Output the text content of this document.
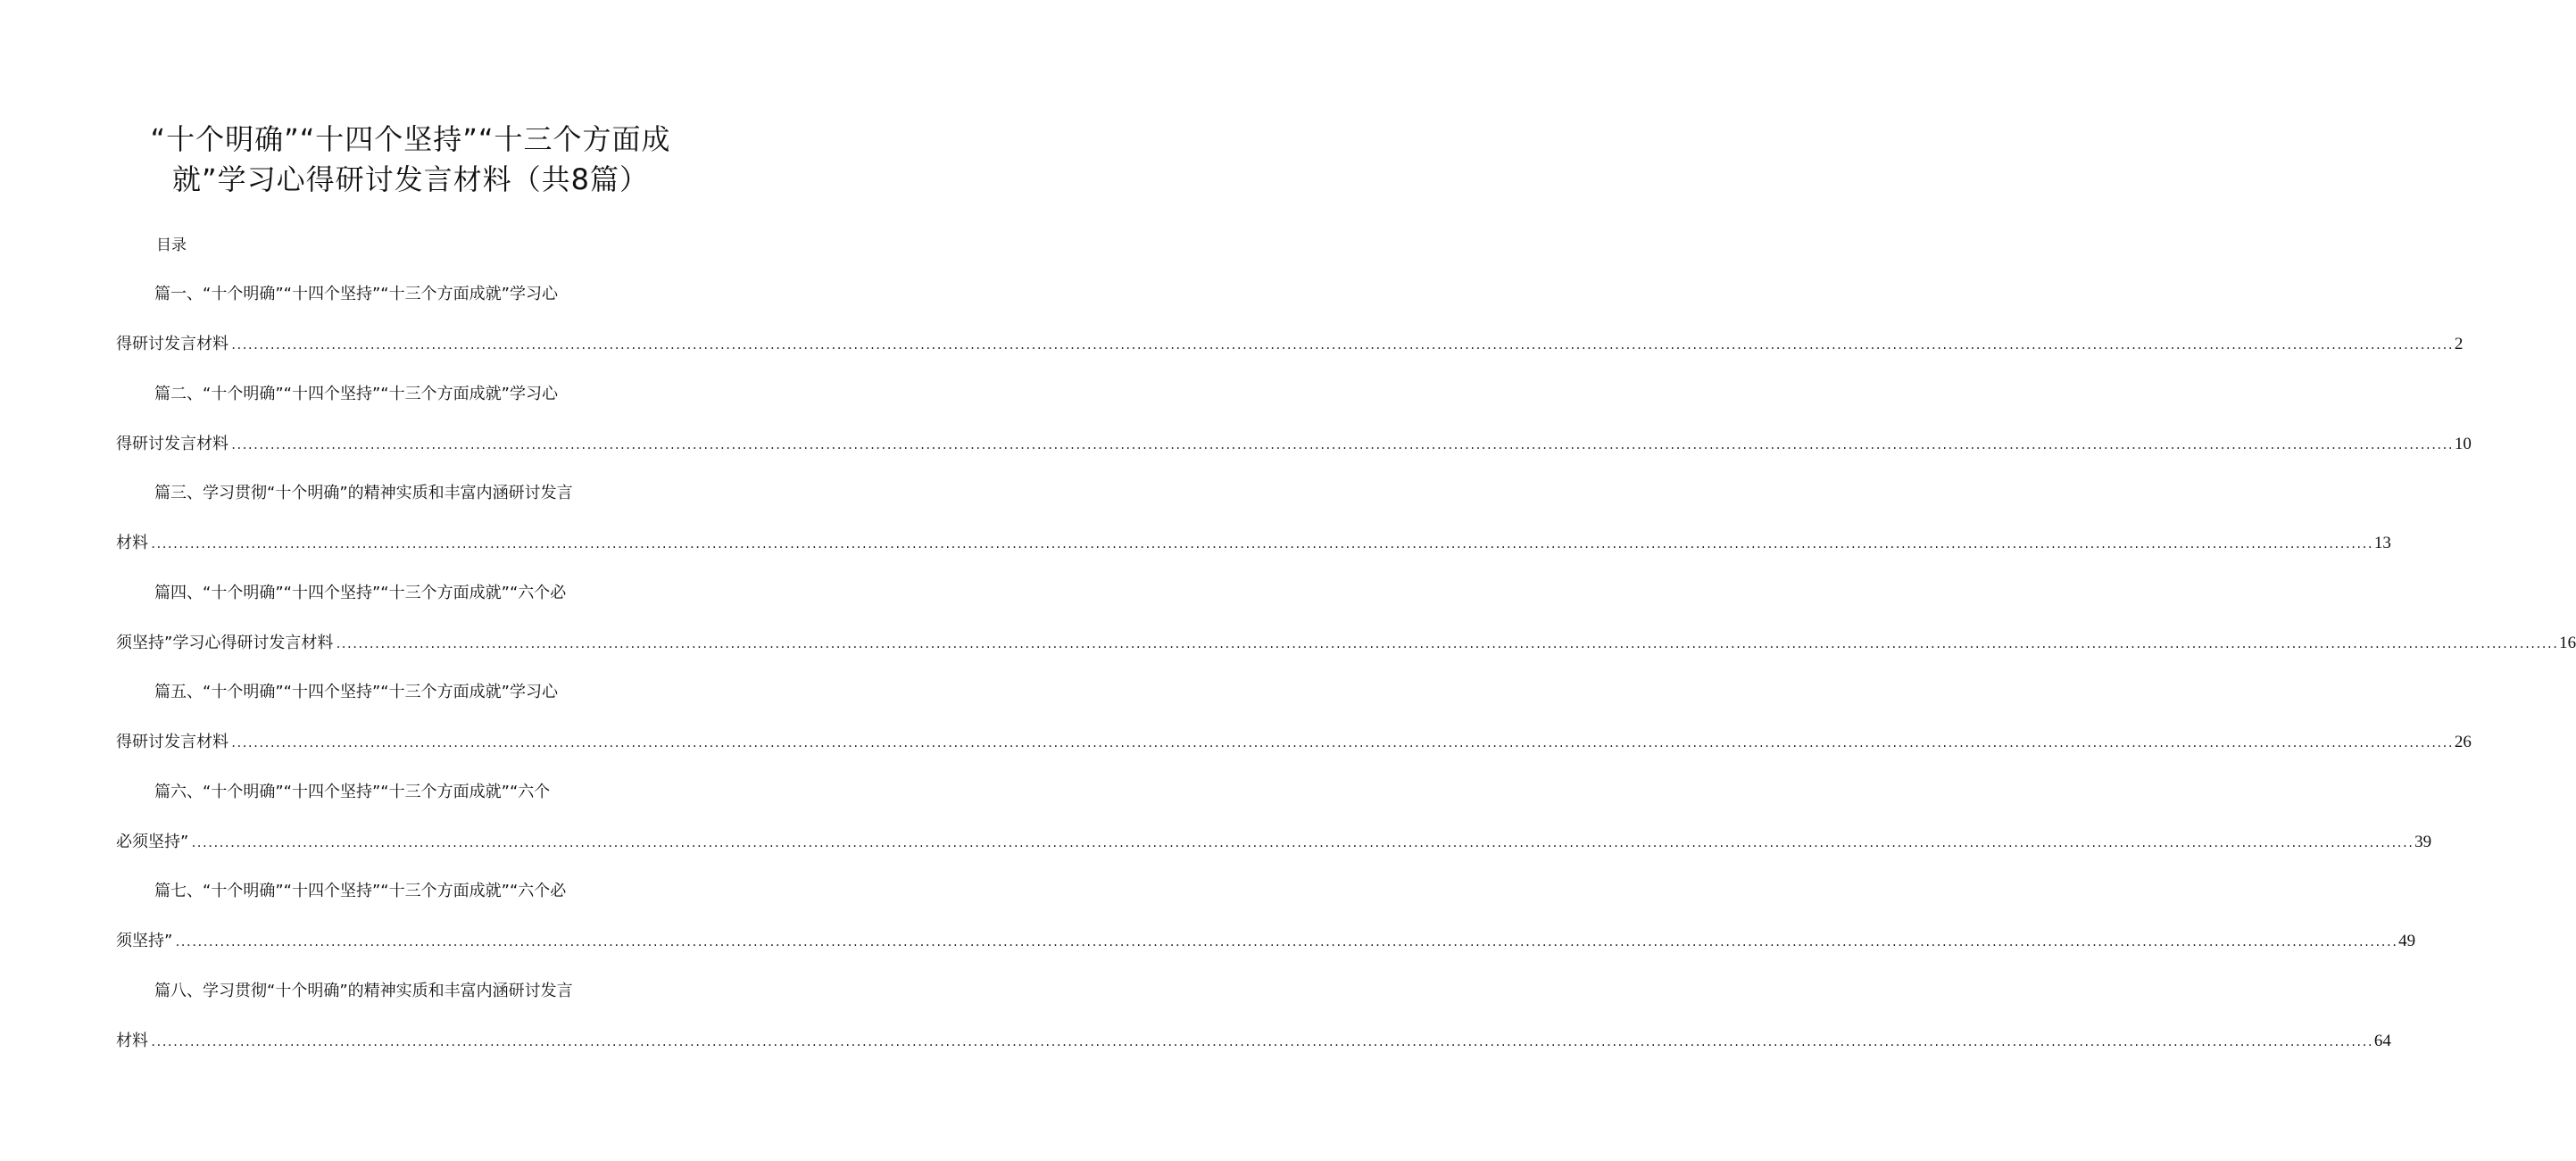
“十个明确”“十四个坚持”“十三个方面成
就”学习心得研讨发言材料（共8篇）
目录
篇一、“十个明确”“十四个坚持”“十三个方面成就”学习心
得研讨发言材料 ................................................................................................................................................................................................................................................................................................................................................................................................................ 2
篇二、“十个明确”“十四个坚持”“十三个方面成就”学习心
得研讨发言材料 ................................................................................................................................................................................................................................................................................................................................................................................................................ 10
篇三、学习贯彻“十个明确”的精神实质和丰富内涵研讨发言
材料 ................................................................................................................................................................................................................................................................................................................................................................................................................ 13
篇四、“十个明确”“十四个坚持”“十三个方面成就”“六个必
须坚持”学习心得研讨发言材料 ................................................................................................................................................................................................................................................................................................................................................................................................................ 16
篇五、“十个明确”“十四个坚持”“十三个方面成就”学习心
得研讨发言材料 ................................................................................................................................................................................................................................................................................................................................................................................................................ 26
篇六、“十个明确”“十四个坚持”“十三个方面成就”“六个
必须坚持” ................................................................................................................................................................................................................................................................................................................................................................................................................ 39
篇七、“十个明确”“十四个坚持”“十三个方面成就”“六个必
须坚持” ................................................................................................................................................................................................................................................................................................................................................................................................................ 49
篇八、学习贯彻“十个明确”的精神实质和丰富内涵研讨发言
材料 ................................................................................................................................................................................................................................................................................................................................................................................................................ 64
